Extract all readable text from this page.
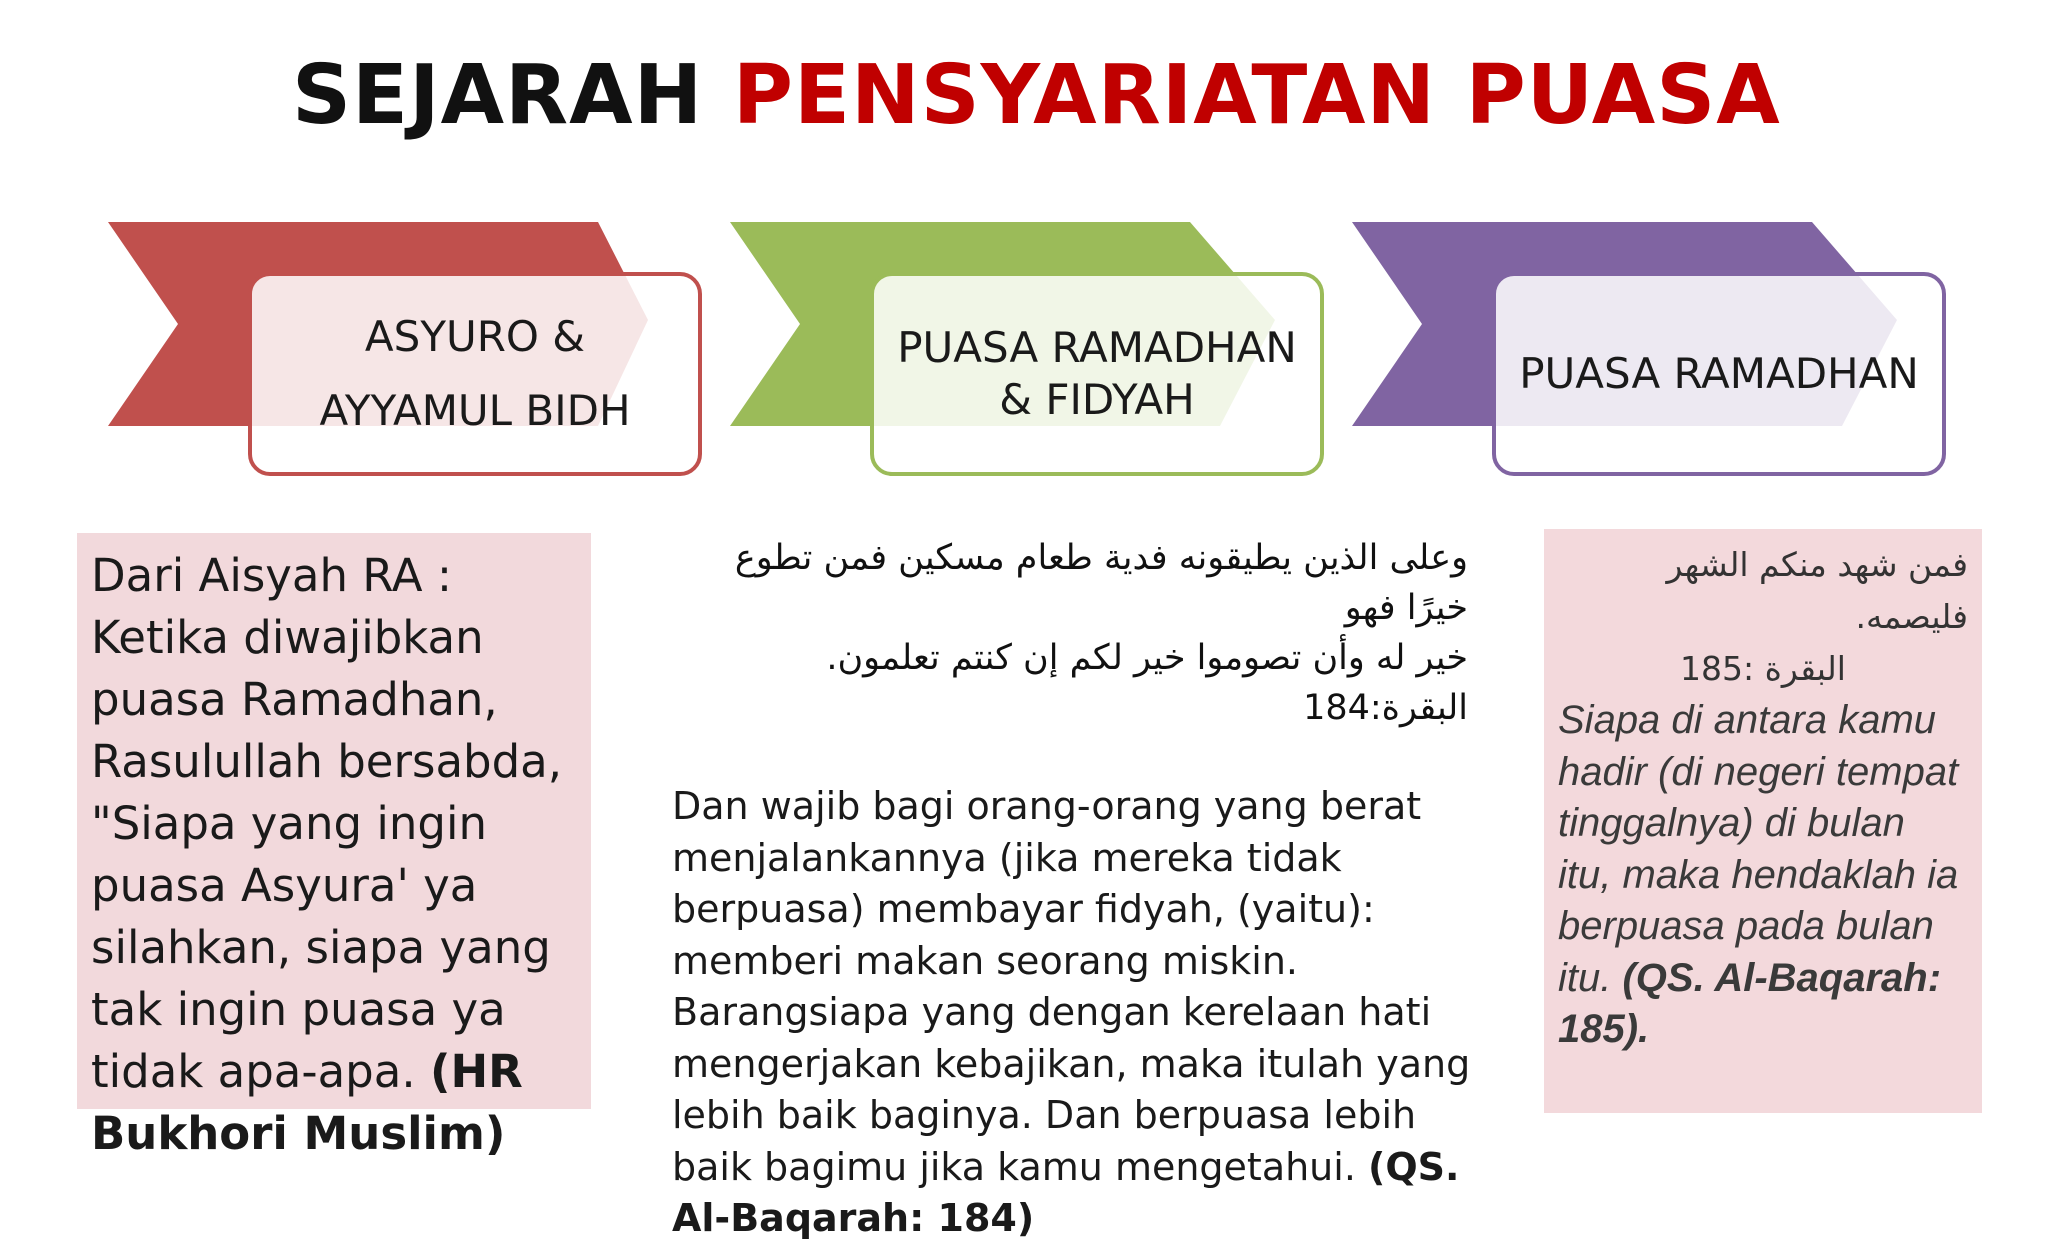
SEJARAH PENSYARIATAN PUASA
ASYURO &
AYYAMUL BIDH
PUASA RAMADHAN
& FIDYAH
PUASA RAMADHAN
Dari Aisyah RA : Ketika diwajibkan puasa Ramadhan, Rasulullah bersabda, "Siapa yang ingin puasa Asyura' ya silahkan, siapa yang tak ingin puasa ya tidak apa-apa. (HR Bukhori Muslim)
وعلى الذين يطيقونه فدية طعام مسكين فمن تطوع خيرًا فهو
خير له وأن تصوموا خير لكم إن كنتم تعلمون. البقرة:184
Dan wajib bagi orang-orang yang berat menjalankannya (jika mereka tidak berpuasa) membayar fidyah, (yaitu): memberi makan seorang miskin. Barangsiapa yang dengan kerelaan hati mengerjakan kebajikan, maka itulah yang lebih baik baginya. Dan berpuasa lebih baik bagimu jika kamu mengetahui. (QS. Al-Baqarah: 184)
فمن شهد منكم الشهر فليصمه.
البقرة :185
Siapa di antara kamu hadir (di negeri tempat tinggalnya) di bulan itu, maka hendaklah ia berpuasa pada bulan itu. (QS. Al-Baqarah: 185).
